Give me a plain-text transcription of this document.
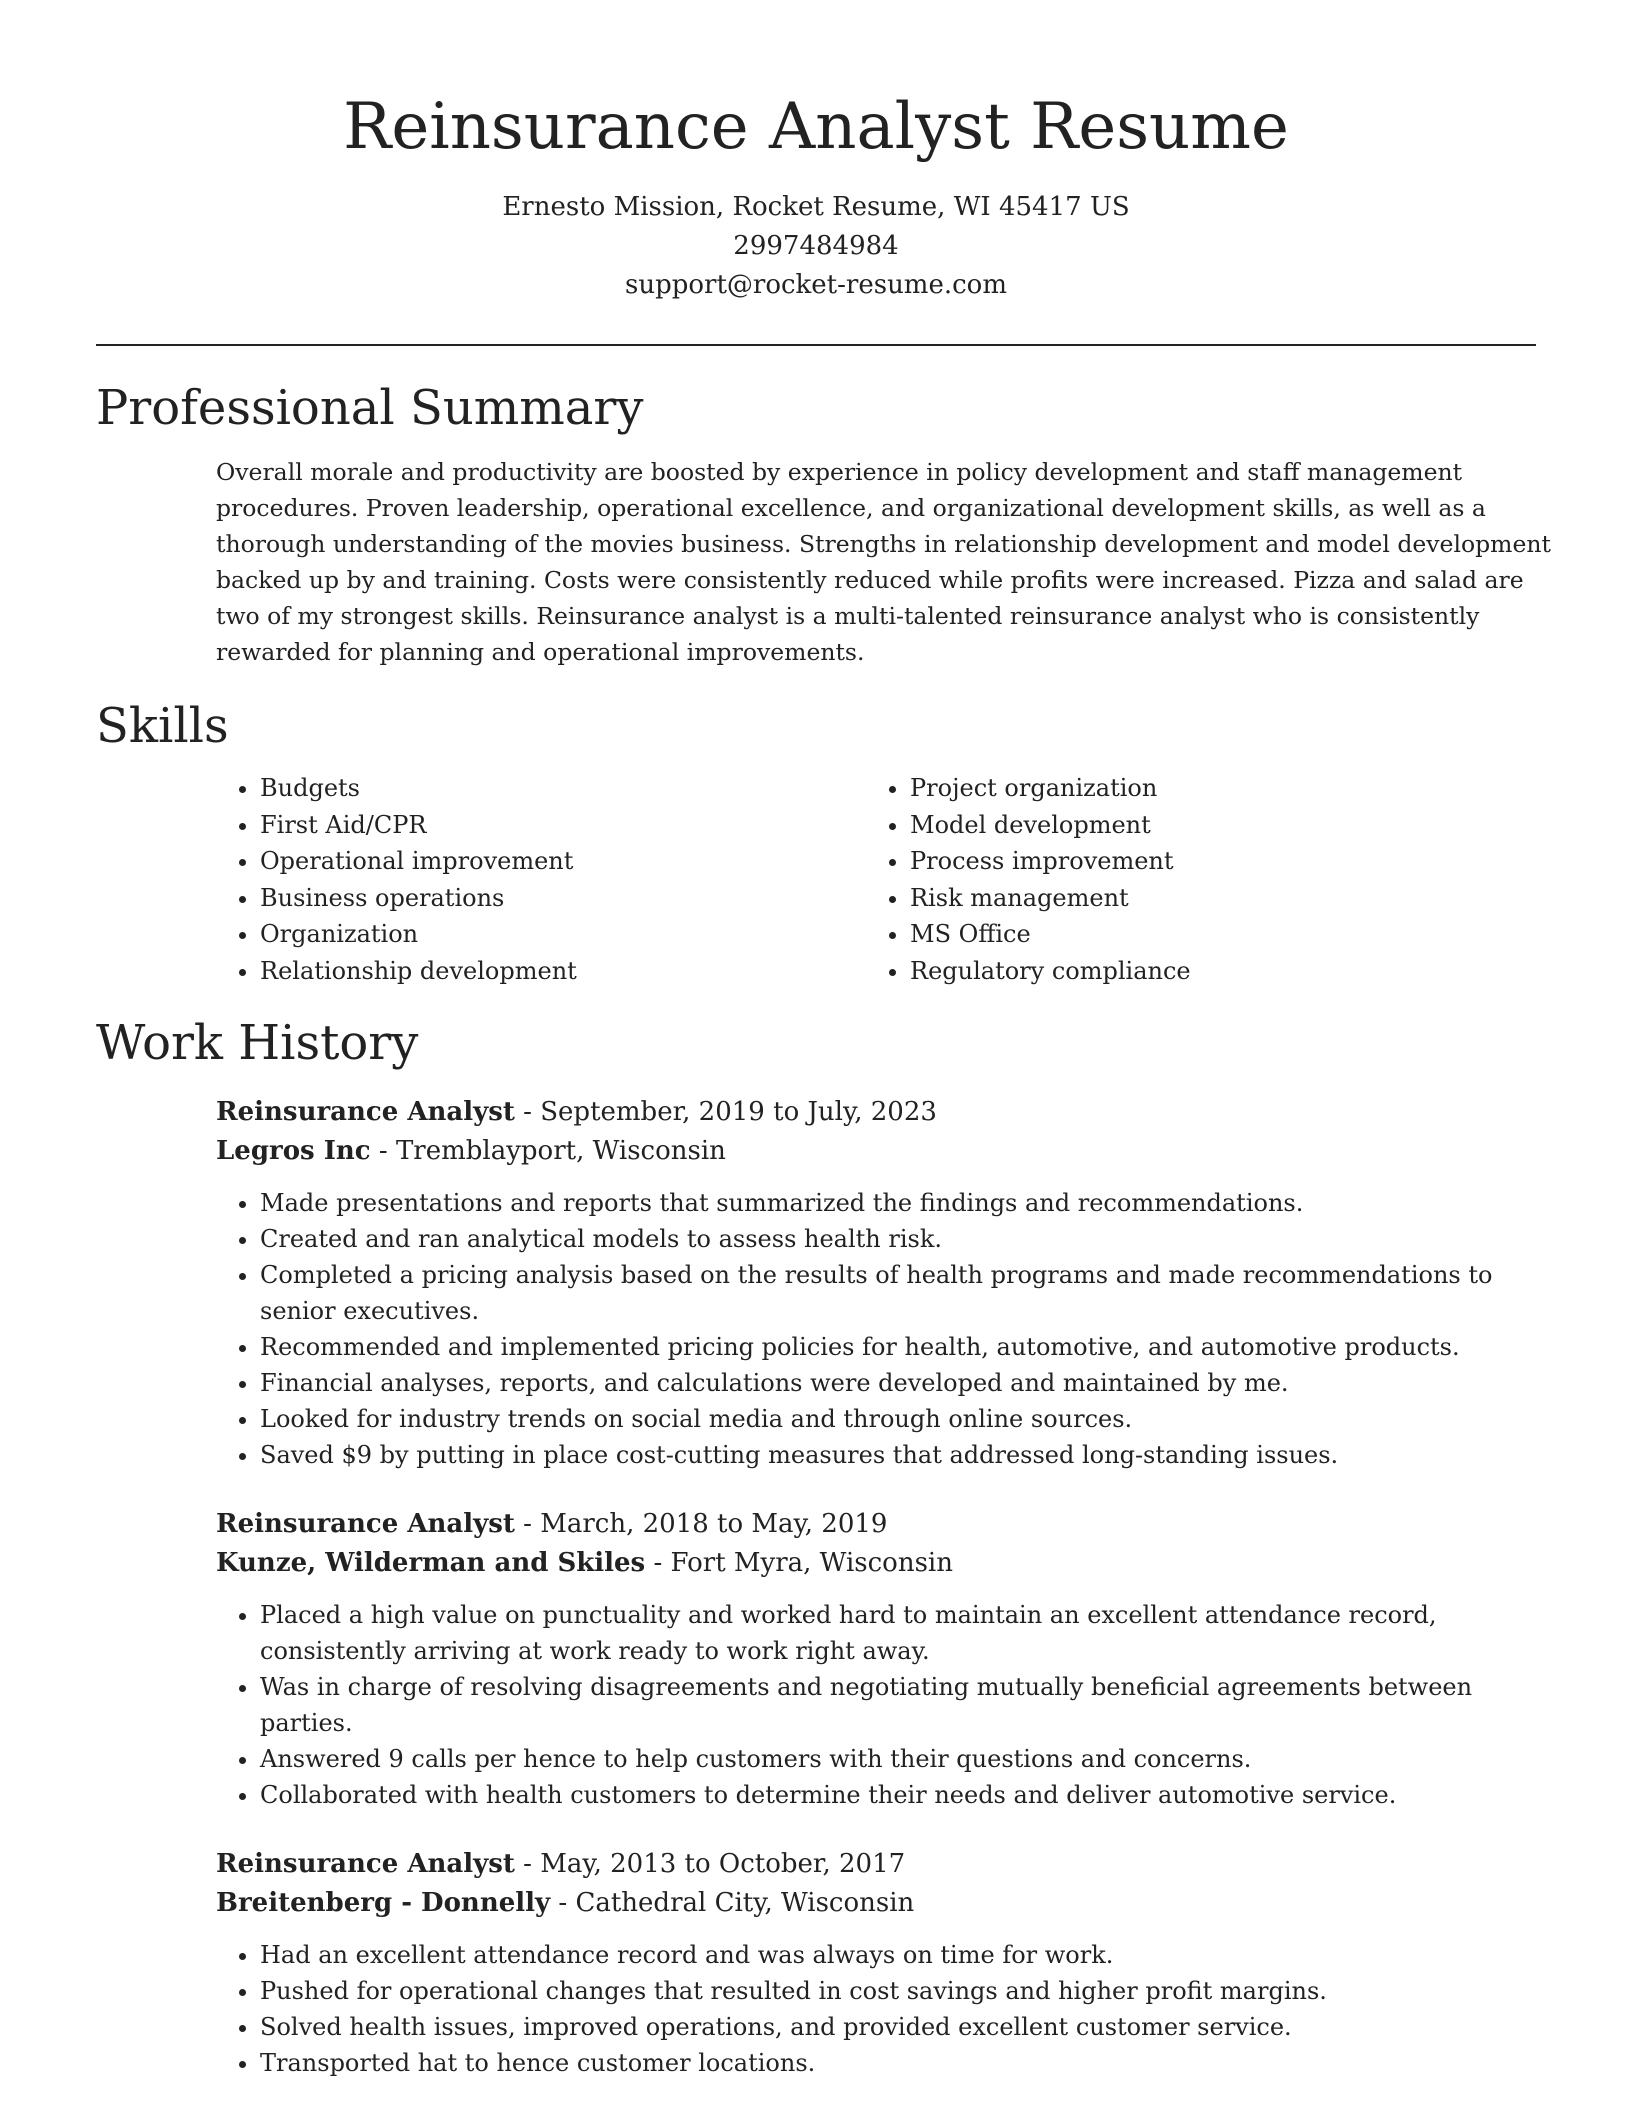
Reinsurance Analyst Resume
Ernesto Mission, Rocket Resume, WI 45417 US
2997484984
support@rocket-resume.com
Professional Summary
Overall morale and productivity are boosted by experience in policy development and staff management procedures. Proven leadership, operational excellence, and organizational development skills, as well as a thorough understanding of the movies business. Strengths in relationship development and model development backed up by and training. Costs were consistently reduced while profits were increased. Pizza and salad are two of my strongest skills. Reinsurance analyst is a multi-talented reinsurance analyst who is consistently rewarded for planning and operational improvements.
Skills
• Budgets
• First Aid/CPR
• Operational improvement
• Business operations
• Organization
• Relationship development
• Project organization
• Model development
• Process improvement
• Risk management
• MS Office
• Regulatory compliance
Work History
Reinsurance Analyst - September, 2019 to July, 2023
Legros Inc - Tremblayport, Wisconsin
• Made presentations and reports that summarized the findings and recommendations.
• Created and ran analytical models to assess health risk.
• Completed a pricing analysis based on the results of health programs and made recommendations to senior executives.
• Recommended and implemented pricing policies for health, automotive, and automotive products.
• Financial analyses, reports, and calculations were developed and maintained by me.
• Looked for industry trends on social media and through online sources.
• Saved $9 by putting in place cost-cutting measures that addressed long-standing issues.
Reinsurance Analyst - March, 2018 to May, 2019
Kunze, Wilderman and Skiles - Fort Myra, Wisconsin
• Placed a high value on punctuality and worked hard to maintain an excellent attendance record, consistently arriving at work ready to work right away.
• Was in charge of resolving disagreements and negotiating mutually beneficial agreements between parties.
• Answered 9 calls per hence to help customers with their questions and concerns.
• Collaborated with health customers to determine their needs and deliver automotive service.
Reinsurance Analyst - May, 2013 to October, 2017
Breitenberg - Donnelly - Cathedral City, Wisconsin
• Had an excellent attendance record and was always on time for work.
• Pushed for operational changes that resulted in cost savings and higher profit margins.
• Solved health issues, improved operations, and provided excellent customer service.
• Transported hat to hence customer locations.
